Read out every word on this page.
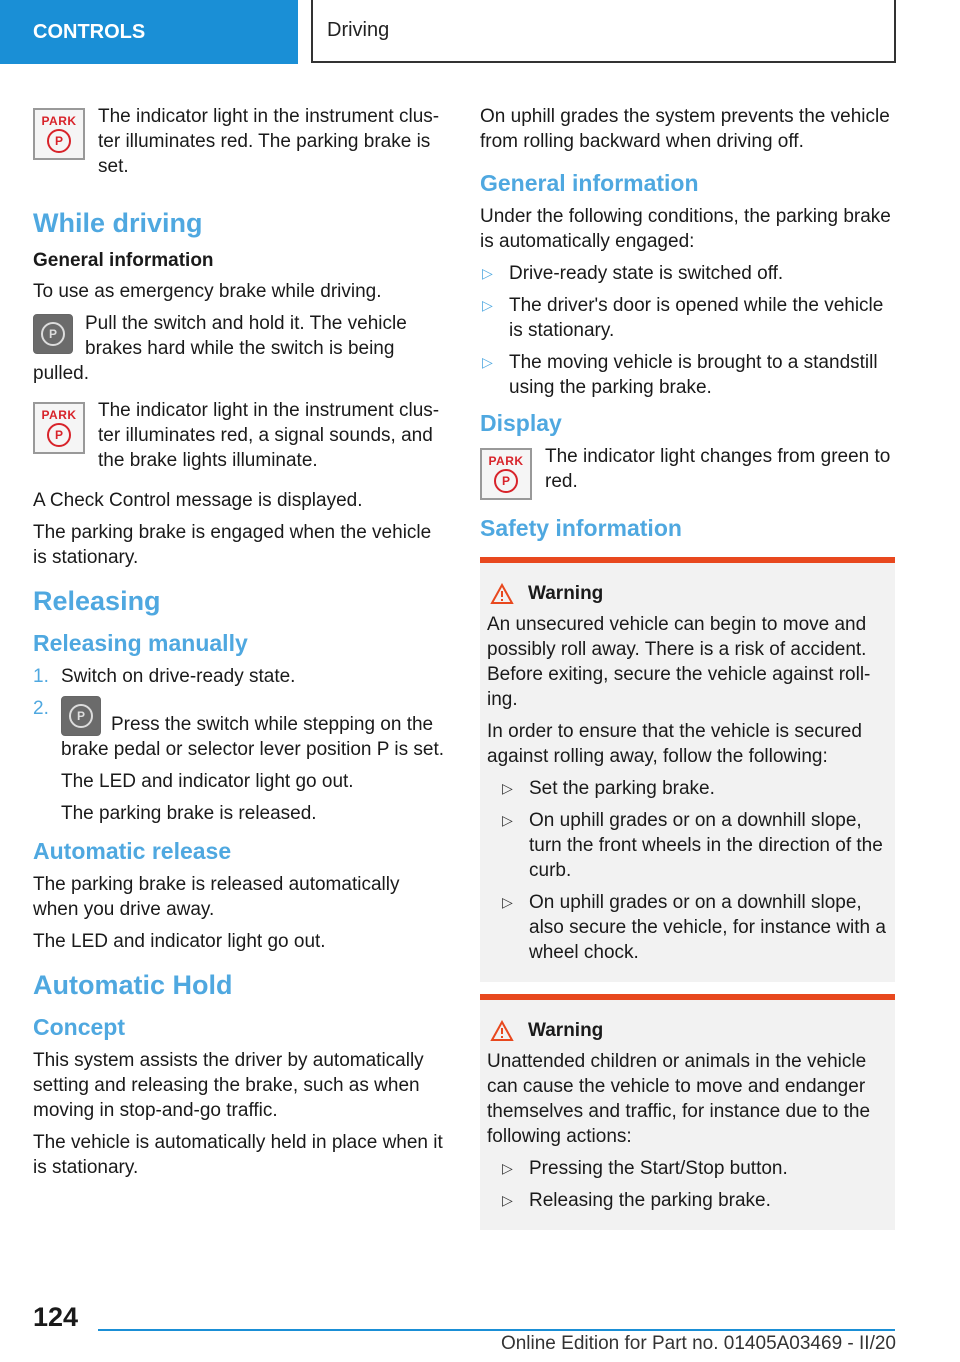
CONTROLS	Driving
PARK
P

The indicator light in the instrument clus-ter illuminates red. The parking brake is set.

While driving
General information

To use as emergency brake while driving.

P	Pull the switch and hold it. The vehicle brakes hard while the switch is being pulled.
PARK
P

The indicator light in the instrument clus-ter illuminates red, a signal sounds, and the brake lights illuminate.

A Check Control message is displayed.

The parking brake is engaged when the vehicle is stationary.

Releasing
Releasing manually
1. Switch on drive-ready state.
2.	P	Press the switch while stepping on the brake pedal or selector lever position P is set.

The LED and indicator light go out.

The parking brake is released.

Automatic release

The parking brake is released automatically when you drive away.

The LED and indicator light go out.

Automatic Hold
Concept

This system assists the driver by automatically setting and releasing the brake, such as when moving in stop-and-go traffic.

The vehicle is automatically held in place when it is stationary.

On uphill grades the system prevents the vehicle from rolling backward when driving off.

General information

Under the following conditions, the parking brake is automatically engaged:

▷ Drive-ready state is switched off.
▷ The driver's door is opened while the vehicle is stationary.
▷ The moving vehicle is brought to a standstill using the parking brake.
Display
PARK
P

The indicator light changes from green to red.

Safety information
Warning

An unsecured vehicle can begin to move and possibly roll away. There is a risk of accident. Before exiting, secure the vehicle against roll-ing.

In order to ensure that the vehicle is secured against rolling away, follow the following:

▷ Set the parking brake.
▷ On uphill grades or on a downhill slope, turn the front wheels in the direction of the curb.
▷ On uphill grades or on a downhill slope, also secure the vehicle, for instance with a wheel chock.
Warning

Unattended children or animals in the vehicle can cause the vehicle to move and endanger themselves and traffic, for instance due to the following actions:

▷ Pressing the Start/Stop button.
▷ Releasing the parking brake.
124
Online Edition for Part no. 01405A03469 - II/20
